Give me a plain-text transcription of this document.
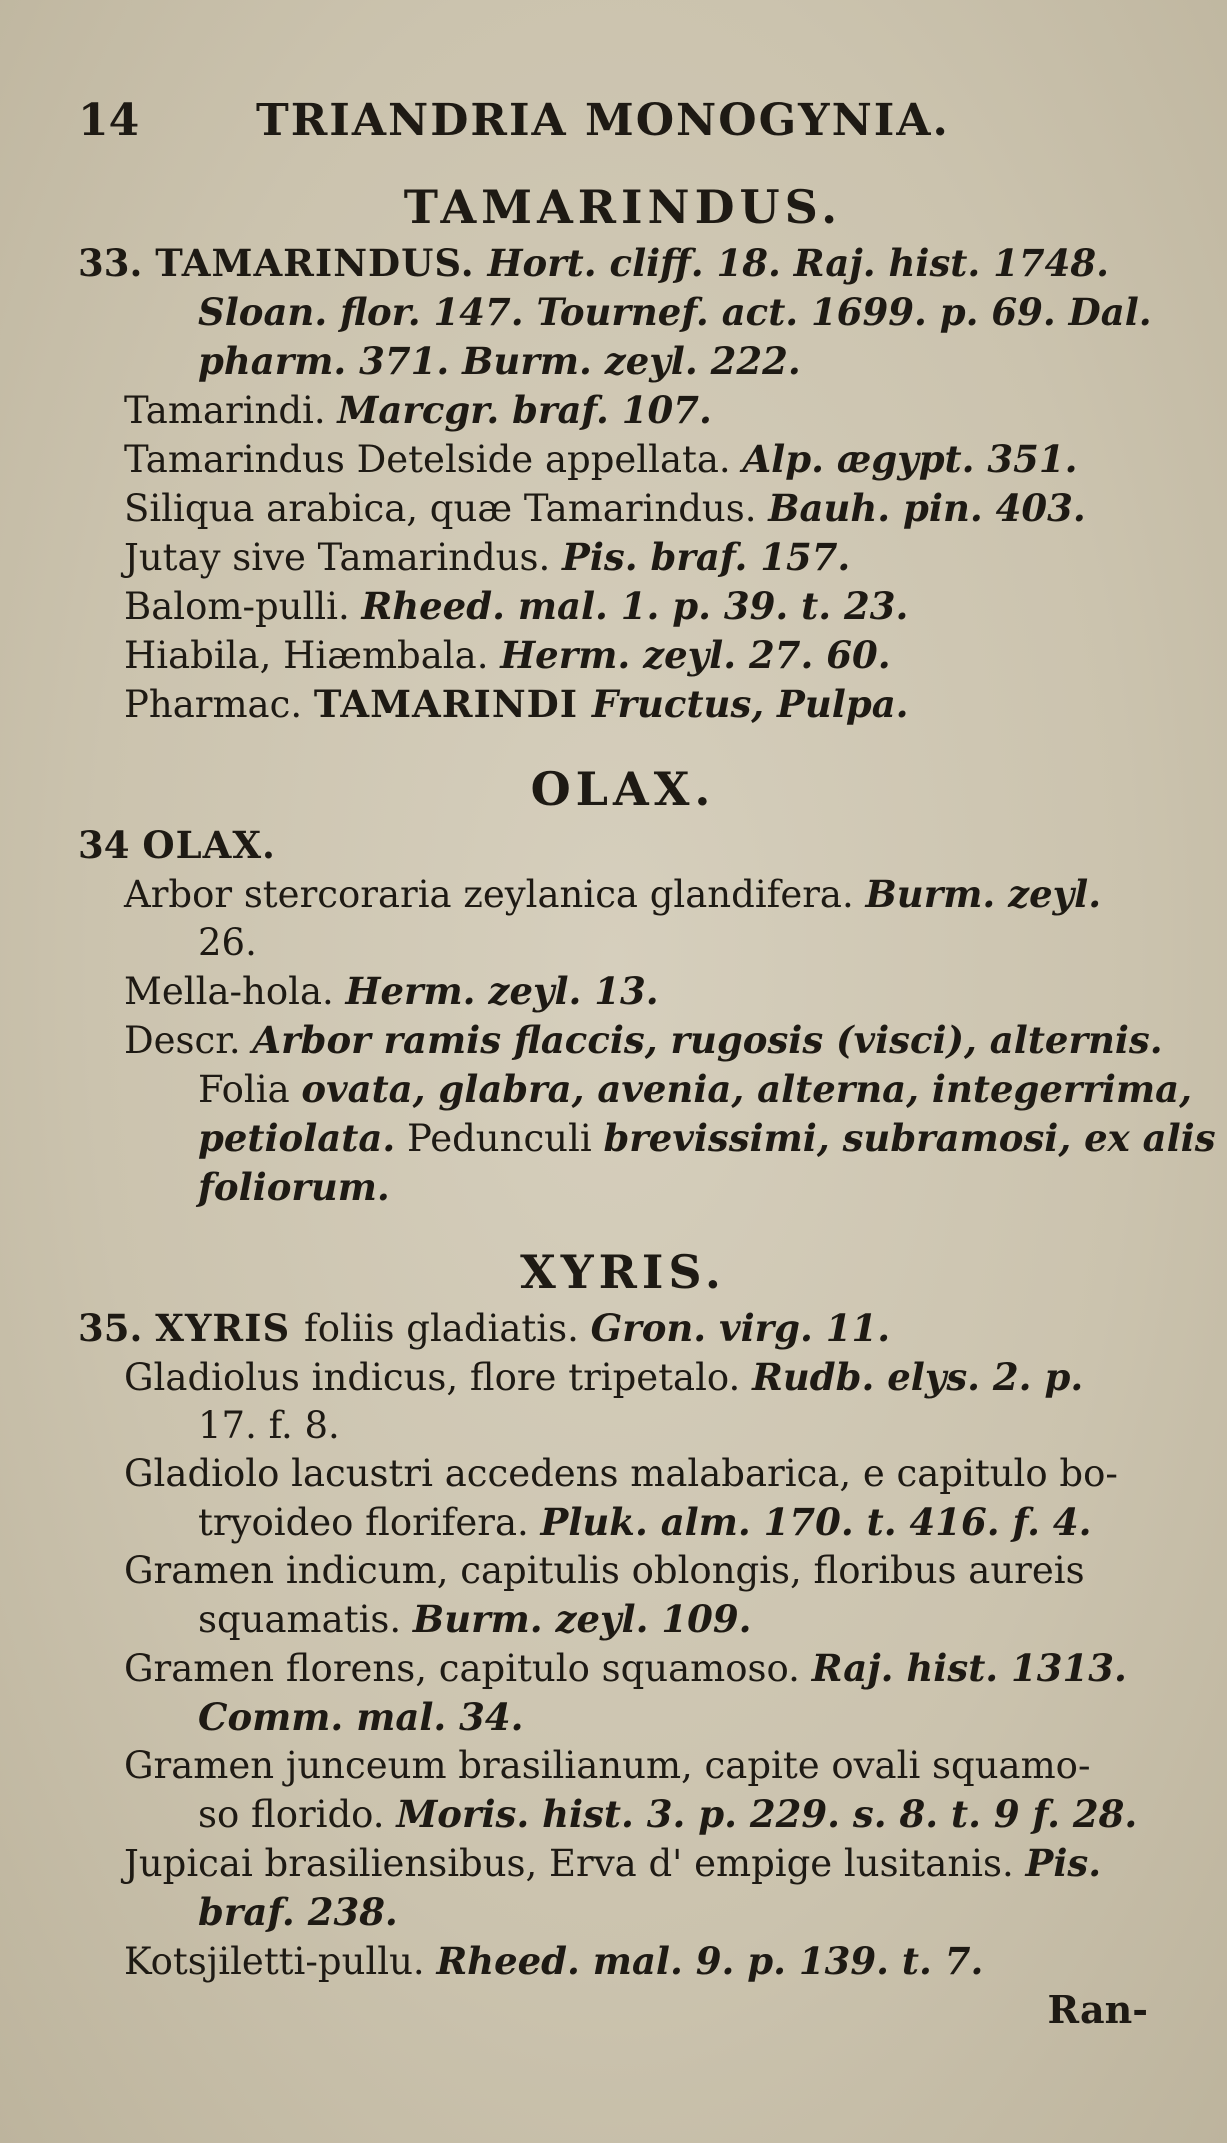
14	TRIANDRIA MONOGYNIA.
TAMARINDUS.
33. TAMARINDUS. Hort. cliff. 18. Raj. hist. 1748.
Sloan. flor. 147. Tournef. act. 1699. p. 69. Dal.
pharm. 371. Burm. zeyl. 222.
Tamarindi. Marcgr. braf. 107.
Tamarindus Detelside appellata. Alp. ægypt. 351.
Siliqua arabica, quæ Tamarindus. Bauh. pin. 403.
Jutay sive Tamarindus. Pis. braf. 157.
Balom-pulli. Rheed. mal. 1. p. 39. t. 23.
Hiabila, Hiæmbala. Herm. zeyl. 27. 60.
Pharmac. TAMARINDI Fructus, Pulpa.
OLAX.
34 OLAX.
Arbor stercoraria zeylanica glandifera. Burm. zeyl.
26.
Mella-hola. Herm. zeyl. 13.
Descr. Arbor ramis flaccis, rugosis (visci), alternis.
Folia ovata, glabra, avenia, alterna, integerrima,
petiolata. Pedunculi brevissimi, subramosi, ex alis
foliorum.
XYRIS.
35. XYRIS foliis gladiatis. Gron. virg. 11.
Gladiolus indicus, flore tripetalo. Rudb. elys. 2. p.
17. f. 8.
Gladiolo lacustri accedens malabarica, e capitulo bo-
tryoideo florifera. Pluk. alm. 170. t. 416. f. 4.
Gramen indicum, capitulis oblongis, floribus aureis
squamatis. Burm. zeyl. 109.
Gramen florens, capitulo squamoso. Raj. hist. 1313.
Comm. mal. 34.
Gramen junceum brasilianum, capite ovali squamo-
so florido. Moris. hist. 3. p. 229. s. 8. t. 9 f. 28.
Jupicai brasiliensibus, Erva d' empige lusitanis. Pis.
braf. 238.
Kotsjiletti-pullu. Rheed. mal. 9. p. 139. t. 7.
Ran-
